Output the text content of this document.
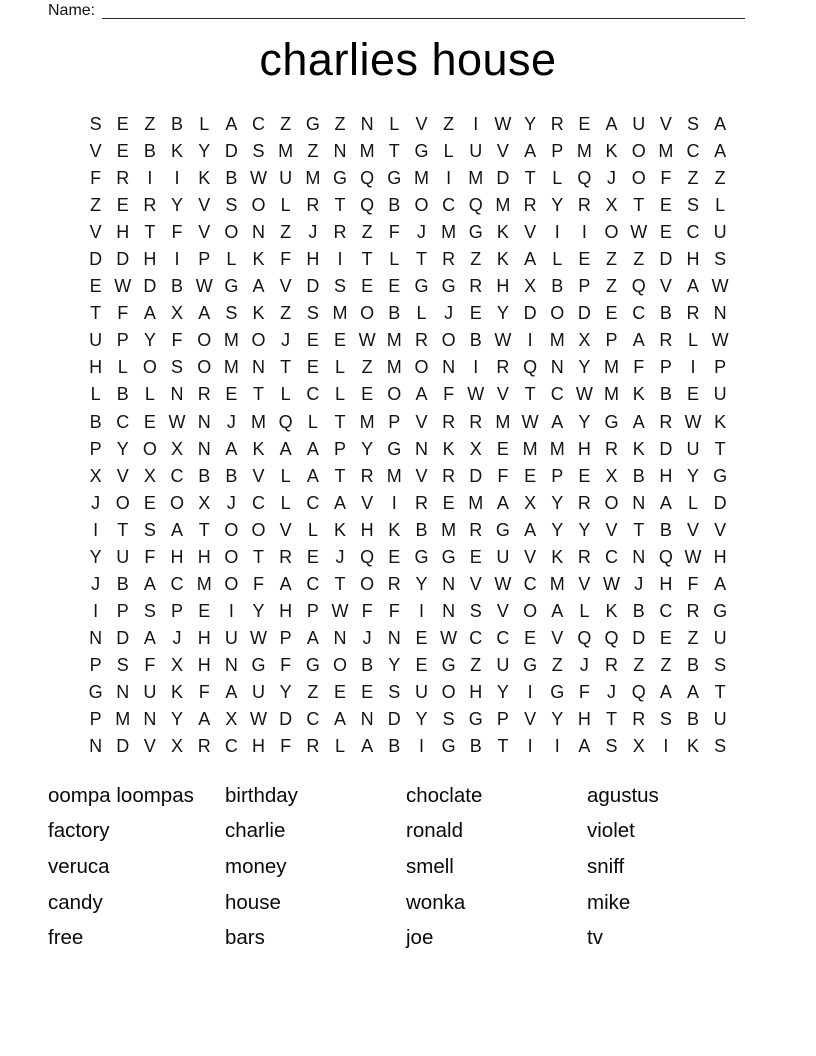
Name:
charlies house
S E Z B L A C Z G Z N L V Z	I W Y R E A U V S A
V E B K Y D S M Z N M T G L U V A P M K O M C A
F R	I	I	K B W U M G Q G M I M D T L Q J O F Z Z
Z E R Y V S O L R T Q B O C Q M R Y R X T E S L
V H T F V O N Z J R Z F J M G K V	I	I O W E C U
D D H	I	P L K F H	I	T L T R Z K A L E Z Z D H S
E W D B W G A V D S E E G G R H X B P Z Q V A W
T F A X A S K Z S M O B L J E Y D O D E C B R N
U P Y F O M O J E E W M R O B W I M X P A R L W
H L O S O M N T E L Z M O N	I	R Q N Y M F P	I	P
L B L N R E T L C L E O A F W V T C W M K B E U
B C E W N J M Q L T M P V R R M W A Y G A R W K
P Y O X N A K A A P Y G N K X E M M H R K D U T
X V X C B B V L A T R M V R D F E P E X B H Y G
J O E O X J C L C A V	I	R E M A X Y R O N A L D
I	T S A T O O V L K H K B M R G A Y Y V T B V V
Y U F H H O T R E J Q E G G E U V K R C N Q W H
J B A C M O F A C T O R Y N V W C M V W J H F A
I	P S P E	I	Y H P W F F	I	N S V O A L K B C R G
N D A J H U W P A N J N E W C C E V Q Q D E Z U
P S F X H N G F G O B Y E G Z U G Z J R Z Z B S
G N U K F A U Y Z E E S U O H Y	I G F J Q A A T
P M N Y A X W D C A N D Y S G P V Y H T R S B U
N D V X R C H F R L A B	I G B T	I	I	A S X	I	K S
oompa loompas
factory
veruca
candy
free
birthday
charlie
money
house
bars
choclate
ronald
smell
wonka
joe
agustus
violet
sniff
mike
tv
